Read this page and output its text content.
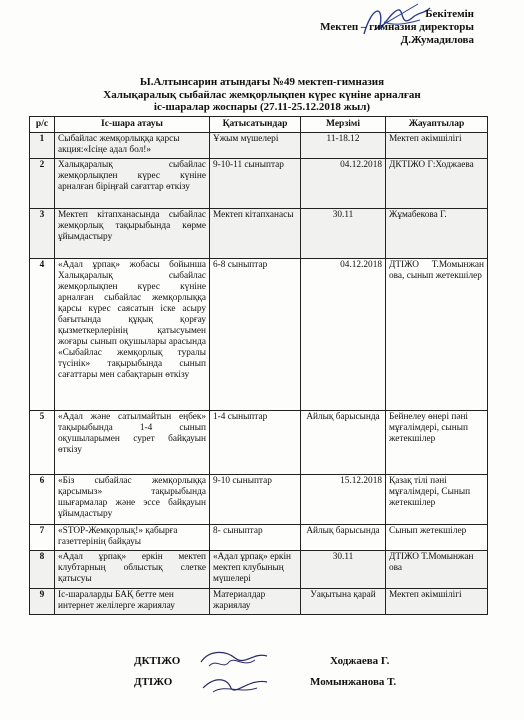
Бекітемін
Мектеп – гимназия директоры
Д.Жумадилова
Ы.Алтынсарин атындағы №49 мектеп-гимназия
Халықаралық сыбайлас жемқорлықпен күрес күніне арналған
іс-шаралар жоспары (27.11-25.12.2018 жыл)
р/с	Іс-шара атауы	Қатысатындар	Мерзімі	Жауаптылар
1	Сыбайлас жемқорлыққа қарсы акция:«Ісіңе адал бол!»	Ұжым мүшелері	11-18.12	Мектеп әкімшілігі
2	Халықаралық сыбайлас жемқорлықпен күрес күніне арналған біріңғай сағаттар өткізу	9-10-11 сыныптар	04.12.2018	ДКТІЖО Г:Ходжаева
3	Мектеп кітапханасында сыбайлас жемқорлық тақырыбында көрме ұйымдастыру	Мектеп кітапханасы	30.11	Жұмабекова Г.
4	«Адал ұрпақ» жобасы бойынша Халықаралық сыбайлас жемқорлықпен күрес күніне арналған сыбайлас жемқорлыққа қарсы күрес саясатын іске асыру бағытында құқық қорғау қызметкерлерінің қатысуымен жоғары сынып оқушылары арасында «Сыбайлас жемқорлық туралы түсінік» тақырыбында сынып сағаттары мен сабақтарын өткізу	6-8 сыныптар	04.12.2018	ДТІЖО Т.Момынжан ова, сынып жетекшілер
5	«Адал және сатылмайтын еңбек» тақырыбында 1-4 сынып оқушыларымен сурет байқауын өткізу	1-4 сыныптар	Айлық барысында	Бейнелеу өнері пәні мұғалімдері, сынып жетекшілер
6	«Біз сыбайлас жемқорлыққа қарсымыз» тақырыбында шығармалар және эссе байқауын ұйымдастыру	9-10 сыныптар	15.12.2018	Қазақ тілі пәні мұғалімдері, Сынып жетекшілер
7	«STOP-Жемқорлық!» қабырға газеттерінің байқауы	8- сыныптар	Айлық барысында	Сынып жетекшілер
8	«Адал ұрпақ» еркін мектеп клубтарның облыстық слетке қатысуы	«Адал ұрпақ» еркін мектеп клубының мүшелері	30.11	ДТІЖО Т.Момынжан ова
9	Іс-шараларды БАҚ бетте мен интернет желілерге жариялау	Материалдар жариялау	Уақытына қарай	Мектеп әкімшілігі
ДКТІЖО
ДТІЖО
Ходжаева Г.
Момынжанова Т.
